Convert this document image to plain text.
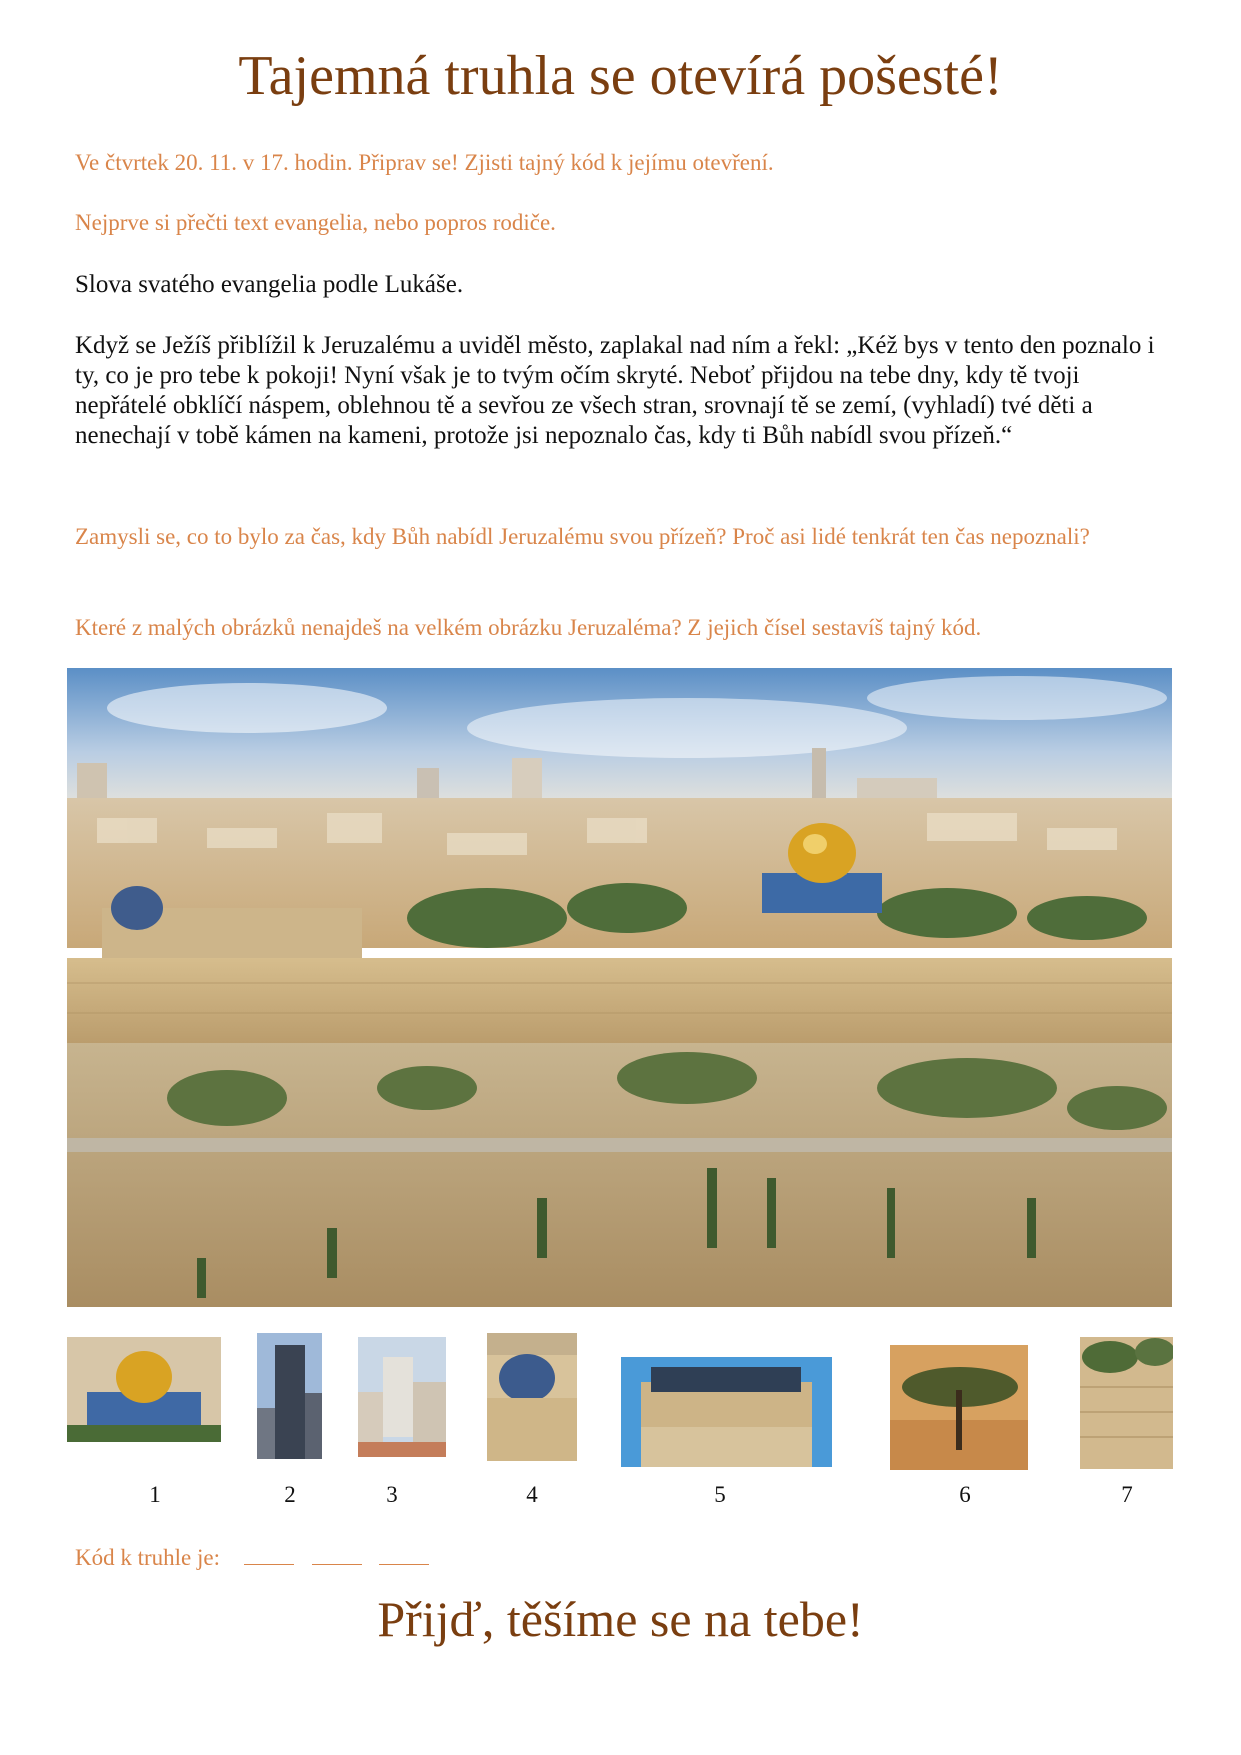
Tajemná truhla se otevírá pošesté!
Ve čtvrtek 20. 11. v 17. hodin. Připrav se! Zjisti tajný kód k jejímu otevření.
Nejprve si přečti text evangelia, nebo popros rodiče.
Slova svatého evangelia podle Lukáše.
Když se Ježíš přiblížil k Jeruzalému a uviděl město, zaplakal nad ním a řekl: „Kéž bys v tento den poznalo i ty, co je pro tebe k pokoji! Nyní však je to tvým očím skryté. Neboť přijdou na tebe dny, kdy tě tvoji nepřátelé obklíčí náspem, oblehnou tě a sevřou ze všech stran, srovnají tě se zemí, (vyhladí) tvé děti a nenechají v tobě kámen na kameni, protože jsi nepoznalo čas, kdy ti Bůh nabídl svou přízeň.“
Zamysli se, co to bylo za čas, kdy Bůh nabídl Jeruzalému svou přízeň? Proč asi lidé tenkrát ten čas nepoznali?
Které z malých obrázků nenajdeš na velkém obrázku Jeruzaléma? Z jejich čísel sestavíš tajný kód.
1	2	3	4	5	6	7
Kód k truhle je:
Přijď, těšíme se na tebe!
